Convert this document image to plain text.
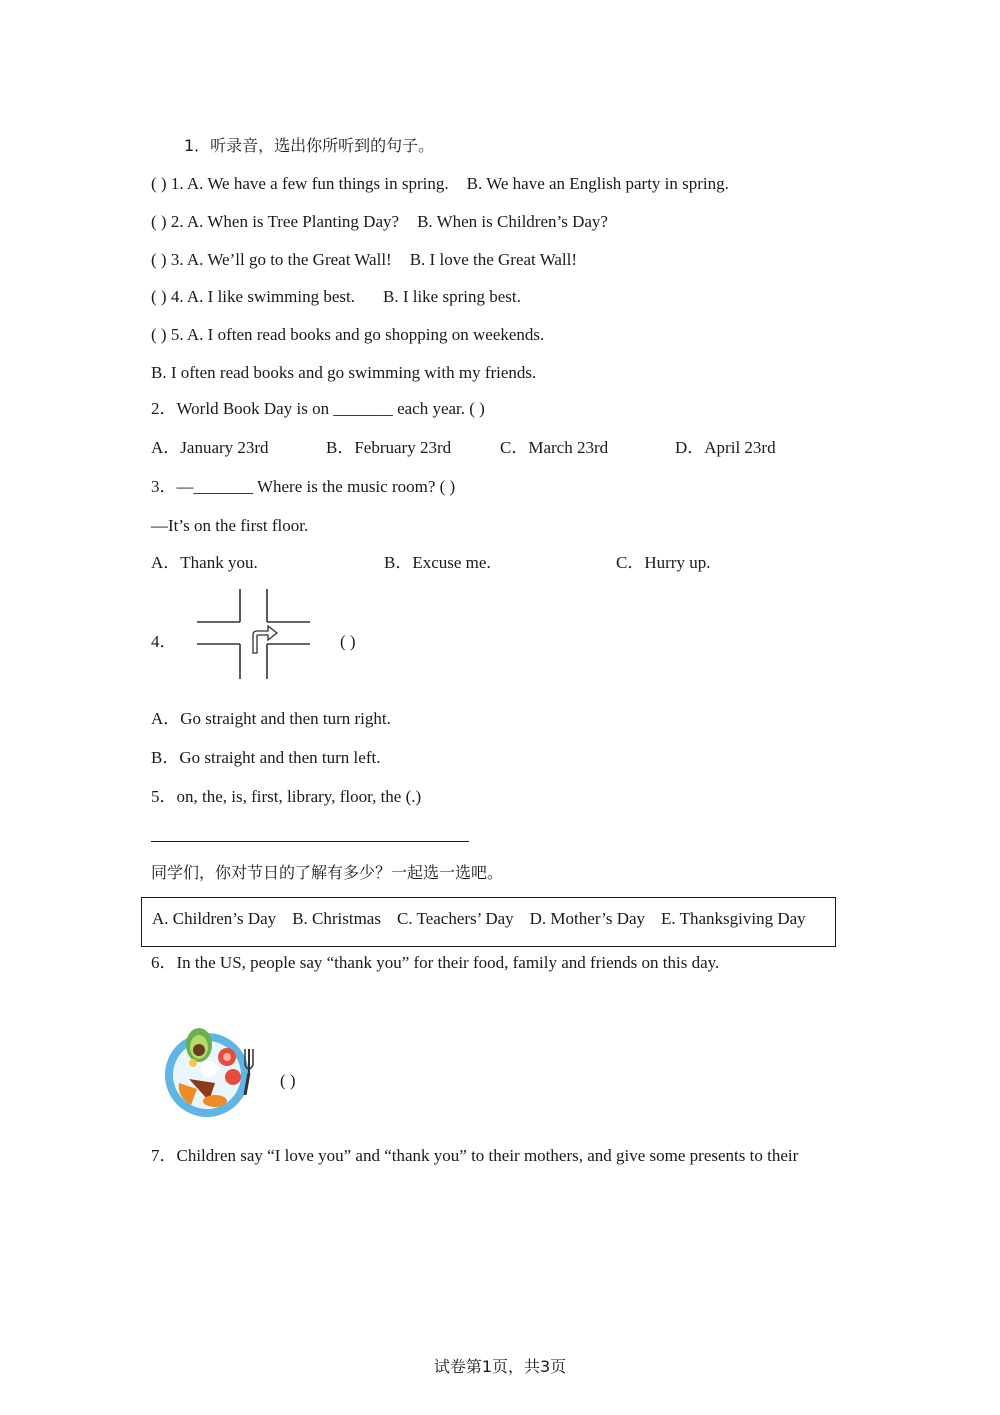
1．听录音，选出你所听到的句子。
( ) 1. A. We have a few fun things in spring. B. We have an English party in spring.
( ) 2. A. When is Tree Planting Day? B. When is Children’s Day?
( ) 3. A. We’ll go to the Great Wall! B. I love the Great Wall!
( ) 4. A. I like swimming best. B. I like spring best.
( ) 5. A. I often read books and go shopping on weekends.
B. I often read books and go swimming with my friends.
2．World Book Day is on _______ each year. ( )
A．January 23rd	B．February 23rd	C．March 23rd	D．April 23rd
3．—_______ Where is the music room? ( )
—It’s on the first floor.
A．Thank you.	B．Excuse me.	C．Hurry up.
4．	( )
A．Go straight and then turn right.
B．Go straight and then turn left.
5．on, the, is, first, library, floor, the (.)
同学们，你对节日的了解有多少？一起选一选吧。
A. Children’s Day B. Christmas C. Teachers’ Day D. Mother’s Day E. Thanksgiving Day
6．In the US, people say “thank you” for their food, family and friends on this day.
( )
7．Children say “I love you” and “thank you” to their mothers, and give some presents to their
试卷第1页，共3页
